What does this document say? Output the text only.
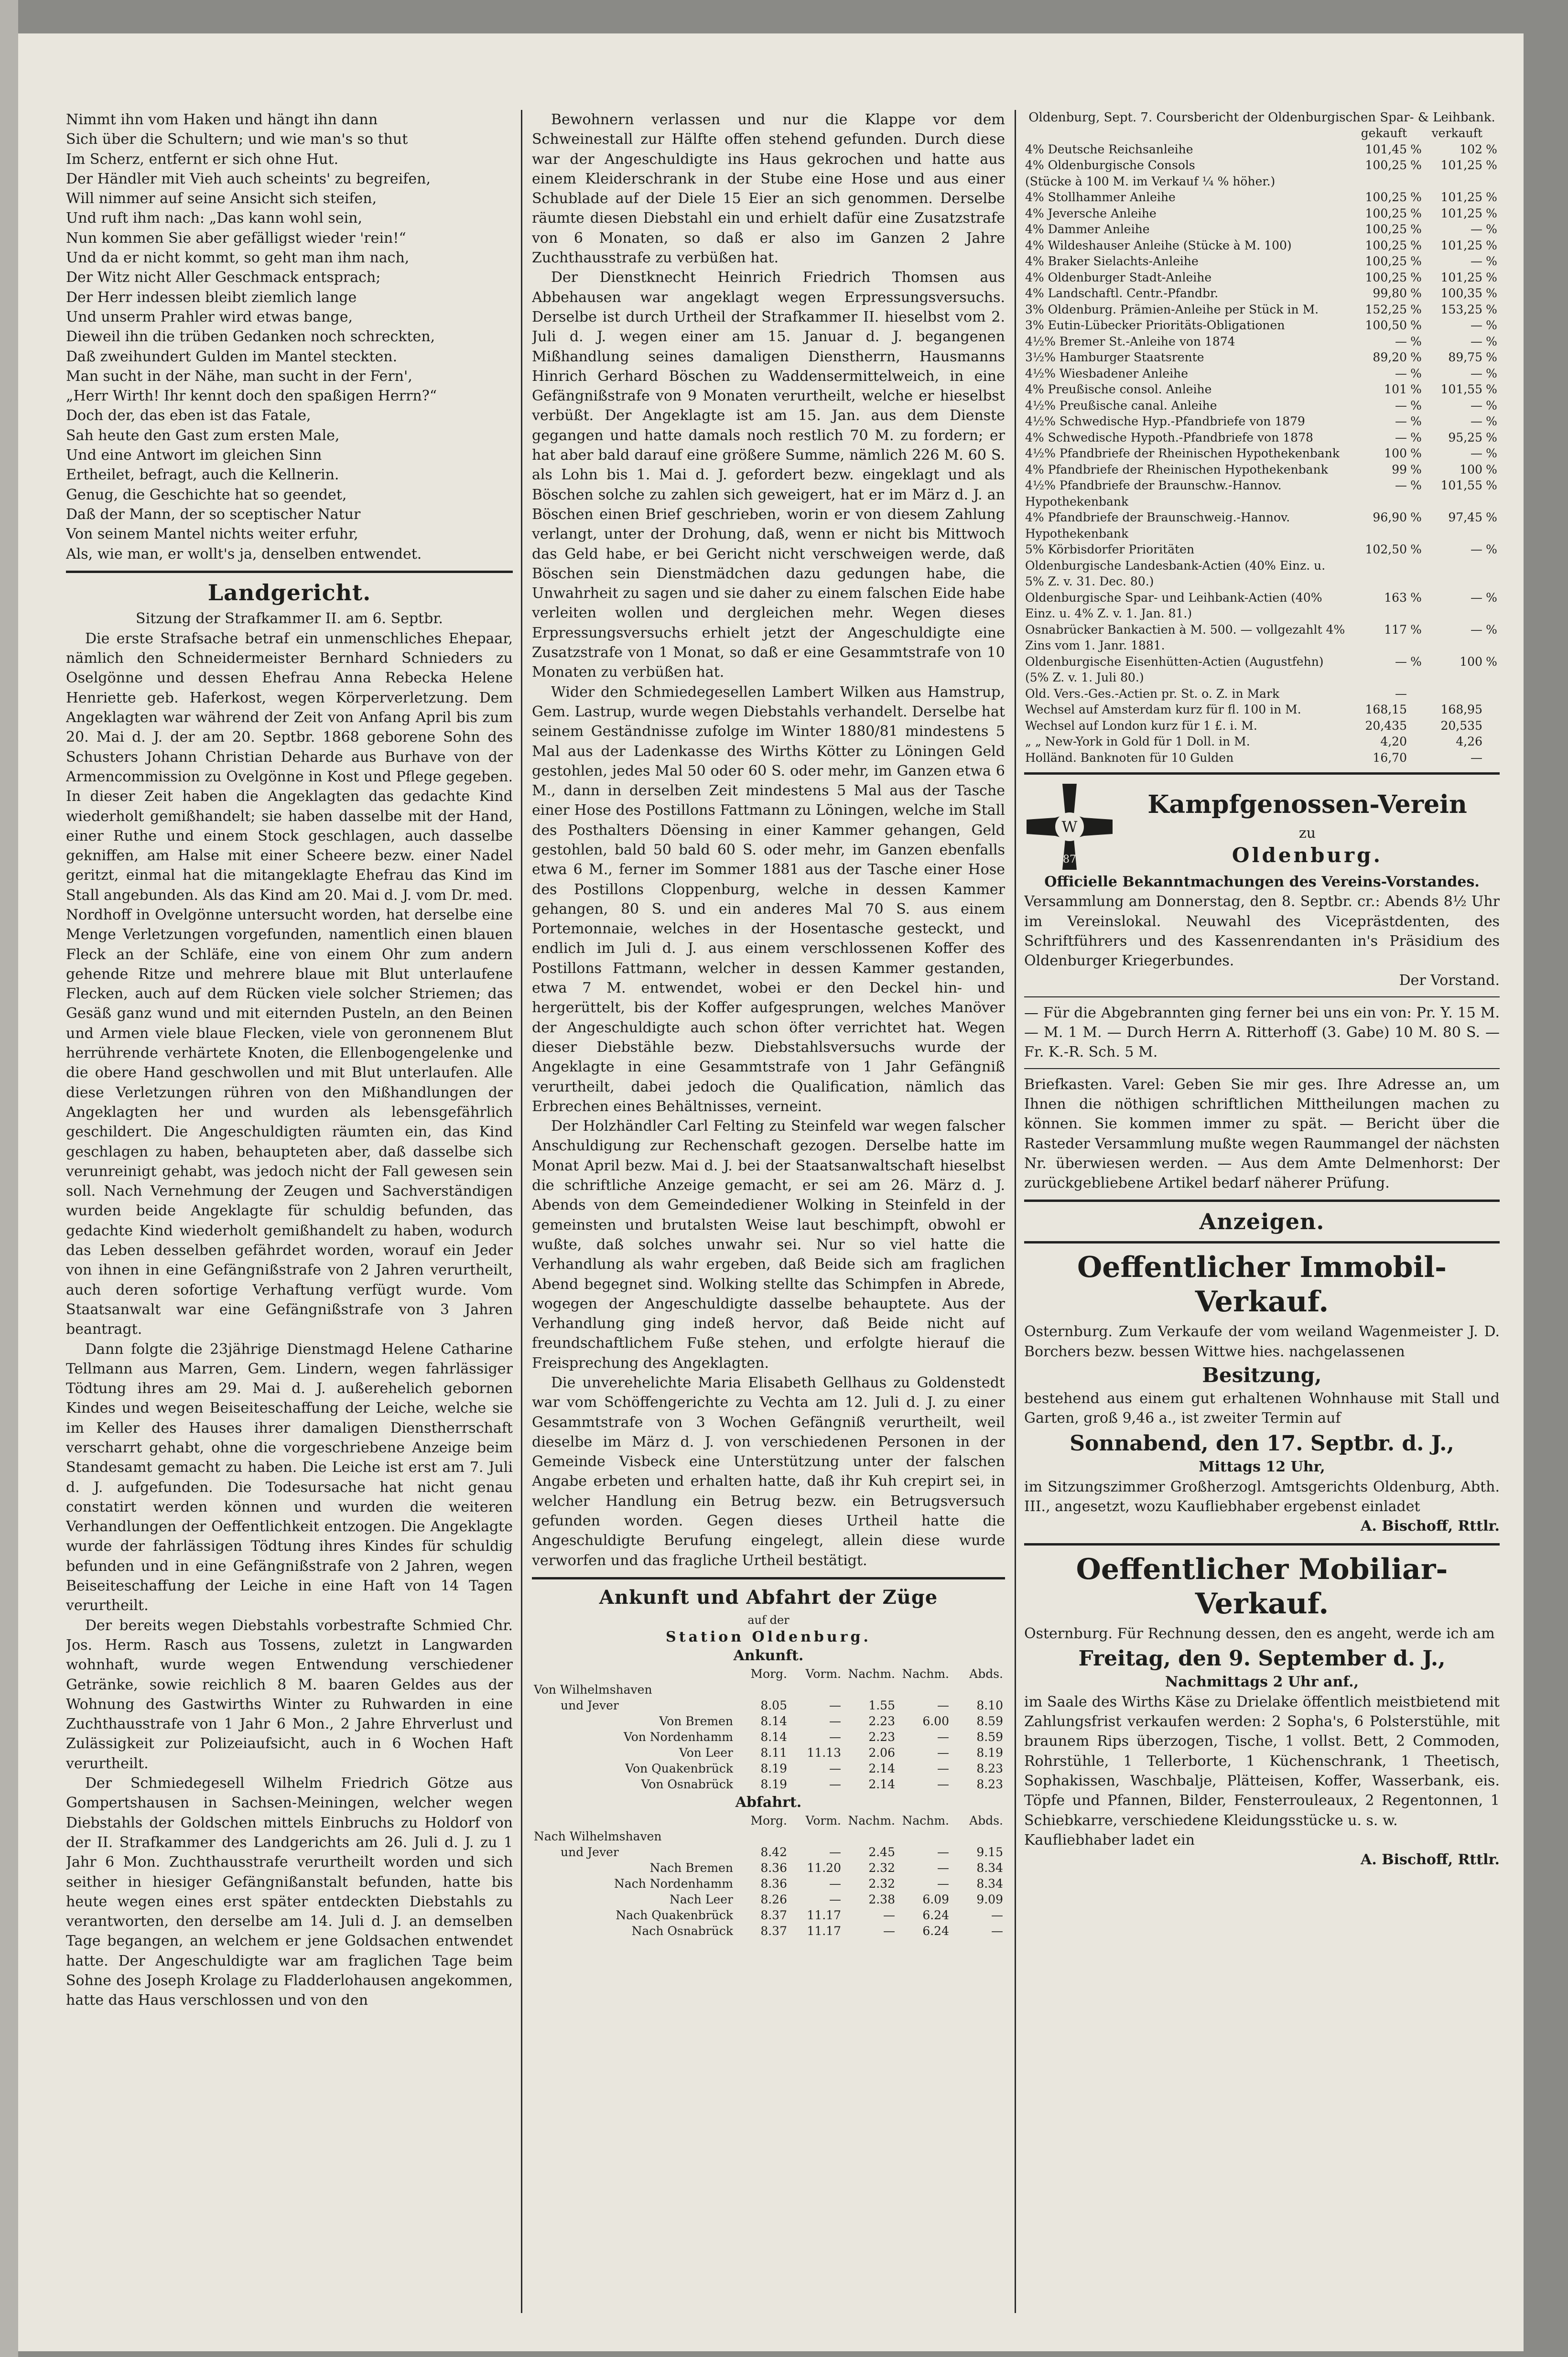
Nimmt ihn vom Haken und hängt ihn dann
Sich über die Schultern; und wie man's so thut
Im Scherz, entfernt er sich ohne Hut.
Der Händler mit Vieh auch scheints' zu begreifen,
Will nimmer auf seine Ansicht sich steifen,
Und ruft ihm nach: „Das kann wohl sein,
Nun kommen Sie aber gefälligst wieder 'rein!“
Und da er nicht kommt, so geht man ihm nach,
Der Witz nicht Aller Geschmack entsprach;
Der Herr indessen bleibt ziemlich lange
Und unserm Prahler wird etwas bange,
Dieweil ihn die trüben Gedanken noch schreckten,
Daß zweihundert Gulden im Mantel steckten.
Man sucht in der Nähe, man sucht in der Fern',
„Herr Wirth! Ihr kennt doch den spaßigen Herrn?“
Doch der, das eben ist das Fatale,
Sah heute den Gast zum ersten Male,
Und eine Antwort im gleichen Sinn
Ertheilet, befragt, auch die Kellnerin.
Genug, die Geschichte hat so geendet,
Daß der Mann, der so sceptischer Natur
Von seinem Mantel nichts weiter erfuhr,
Als, wie man, er wollt's ja, denselben entwendet.
Landgericht.
Sitzung der Strafkammer II. am 6. Septbr.

Die erste Strafsache betraf ein unmenschliches Ehepaar, nämlich den Schneidermeister Bernhard Schnieders zu Oselgönne und dessen Ehefrau Anna Rebecka Helene Henriette geb. Haferkost, wegen Körperverletzung. Dem Angeklagten war während der Zeit von Anfang April bis zum 20. Mai d. J. der am 20. Septbr. 1868 geborene Sohn des Schusters Johann Christian Deharde aus Burhave von der Armencommission zu Ovelgönne in Kost und Pflege gegeben. In dieser Zeit haben die Angeklagten das gedachte Kind wiederholt gemißhandelt; sie haben dasselbe mit der Hand, einer Ruthe und einem Stock geschlagen, auch dasselbe gekniffen, am Halse mit einer Scheere bezw. einer Nadel geritzt, einmal hat die mitangeklagte Ehefrau das Kind im Stall angebunden. Als das Kind am 20. Mai d. J. vom Dr. med. Nordhoff in Ovelgönne untersucht worden, hat derselbe eine Menge Verletzungen vorgefunden, namentlich einen blauen Fleck an der Schläfe, eine von einem Ohr zum andern gehende Ritze und mehrere blaue mit Blut unterlaufene Flecken, auch auf dem Rücken viele solcher Striemen; das Gesäß ganz wund und mit eiternden Pusteln, an den Beinen und Armen viele blaue Flecken, viele von geronnenem Blut herrührende verhärtete Knoten, die Ellenbogengelenke und die obere Hand geschwollen und mit Blut unterlaufen. Alle diese Verletzungen rühren von den Mißhandlungen der Angeklagten her und wurden als lebensgefährlich geschildert. Die Angeschuldigten räumten ein, das Kind geschlagen zu haben, behaupteten aber, daß dasselbe sich verunreinigt gehabt, was jedoch nicht der Fall gewesen sein soll. Nach Vernehmung der Zeugen und Sachverständigen wurden beide Angeklagte für schuldig befunden, das gedachte Kind wiederholt gemißhandelt zu haben, wodurch das Leben desselben gefährdet worden, worauf ein Jeder von ihnen in eine Gefängnißstrafe von 2 Jahren verurtheilt, auch deren sofortige Verhaftung verfügt wurde. Vom Staatsanwalt war eine Gefängnißstrafe von 3 Jahren beantragt.

Dann folgte die 23jährige Dienstmagd Helene Catharine Tellmann aus Marren, Gem. Lindern, wegen fahrlässiger Tödtung ihres am 29. Mai d. J. außerehelich gebornen Kindes und wegen Beiseiteschaffung der Leiche, welche sie im Keller des Hauses ihrer damaligen Dienstherrschaft verscharrt gehabt, ohne die vorgeschriebene Anzeige beim Standesamt gemacht zu haben. Die Leiche ist erst am 7. Juli d. J. aufgefunden. Die Todesursache hat nicht genau constatirt werden können und wurden die weiteren Verhandlungen der Oeffentlichkeit entzogen. Die Angeklagte wurde der fahrlässigen Tödtung ihres Kindes für schuldig befunden und in eine Gefängnißstrafe von 2 Jahren, wegen Beiseiteschaffung der Leiche in eine Haft von 14 Tagen verurtheilt.

Der bereits wegen Diebstahls vorbestrafte Schmied Chr. Jos. Herm. Rasch aus Tossens, zuletzt in Langwarden wohnhaft, wurde wegen Entwendung verschiedener Getränke, sowie reichlich 8 M. baaren Geldes aus der Wohnung des Gastwirths Winter zu Ruhwarden in eine Zuchthausstrafe von 1 Jahr 6 Mon., 2 Jahre Ehrverlust und Zulässigkeit zur Polizeiaufsicht, auch in 6 Wochen Haft verurtheilt.

Der Schmiedegesell Wilhelm Friedrich Götze aus Gompertshausen in Sachsen-Meiningen, welcher wegen Diebstahls der Goldschen mittels Einbruchs zu Holdorf von der II. Strafkammer des Landgerichts am 26. Juli d. J. zu 1 Jahr 6 Mon. Zuchthausstrafe verurtheilt worden und sich seither in hiesiger Gefängnißanstalt befunden, hatte bis heute wegen eines erst später entdeckten Diebstahls zu verantworten, den derselbe am 14. Juli d. J. an demselben Tage begangen, an welchem er jene Goldsachen entwendet hatte. Der Angeschuldigte war am fraglichen Tage beim Sohne des Joseph Krolage zu Fladderlohausen angekommen, hatte das Haus verschlossen und von den

Bewohnern verlassen und nur die Klappe vor dem Schweinestall zur Hälfte offen stehend gefunden. Durch diese war der Angeschuldigte ins Haus gekrochen und hatte aus einem Kleiderschrank in der Stube eine Hose und aus einer Schublade auf der Diele 15 Eier an sich genommen. Derselbe räumte diesen Diebstahl ein und erhielt dafür eine Zusatzstrafe von 6 Monaten, so daß er also im Ganzen 2 Jahre Zuchthausstrafe zu verbüßen hat.

Der Dienstknecht Heinrich Friedrich Thomsen aus Abbehausen war angeklagt wegen Erpressungsversuchs. Derselbe ist durch Urtheil der Strafkammer II. hieselbst vom 2. Juli d. J. wegen einer am 15. Januar d. J. begangenen Mißhandlung seines damaligen Dienstherrn, Hausmanns Hinrich Gerhard Böschen zu Waddensermittelweich, in eine Gefängnißstrafe von 9 Monaten verurtheilt, welche er hieselbst verbüßt. Der Angeklagte ist am 15. Jan. aus dem Dienste gegangen und hatte damals noch restlich 70 M. zu fordern; er hat aber bald darauf eine größere Summe, nämlich 226 M. 60 S. als Lohn bis 1. Mai d. J. gefordert bezw. eingeklagt und als Böschen solche zu zahlen sich geweigert, hat er im März d. J. an Böschen einen Brief geschrieben, worin er von diesem Zahlung verlangt, unter der Drohung, daß, wenn er nicht bis Mittwoch das Geld habe, er bei Gericht nicht verschweigen werde, daß Böschen sein Dienstmädchen dazu gedungen habe, die Unwahrheit zu sagen und sie daher zu einem falschen Eide habe verleiten wollen und dergleichen mehr. Wegen dieses Erpressungsversuchs erhielt jetzt der Angeschuldigte eine Zusatzstrafe von 1 Monat, so daß er eine Gesammtstrafe von 10 Monaten zu verbüßen hat.

Wider den Schmiedegesellen Lambert Wilken aus Hamstrup, Gem. Lastrup, wurde wegen Diebstahls verhandelt. Derselbe hat seinem Geständnisse zufolge im Winter 1880/81 mindestens 5 Mal aus der Ladenkasse des Wirths Kötter zu Löningen Geld gestohlen, jedes Mal 50 oder 60 S. oder mehr, im Ganzen etwa 6 M., dann in derselben Zeit mindestens 5 Mal aus der Tasche einer Hose des Postillons Fattmann zu Löningen, welche im Stall des Posthalters Döensing in einer Kammer gehangen, Geld gestohlen, bald 50 bald 60 S. oder mehr, im Ganzen ebenfalls etwa 6 M., ferner im Sommer 1881 aus der Tasche einer Hose des Postillons Cloppenburg, welche in dessen Kammer gehangen, 80 S. und ein anderes Mal 70 S. aus einem Portemonnaie, welches in der Hosentasche gesteckt, und endlich im Juli d. J. aus einem verschlossenen Koffer des Postillons Fattmann, welcher in dessen Kammer gestanden, etwa 7 M. entwendet, wobei er den Deckel hin- und hergerüttelt, bis der Koffer aufgesprungen, welches Manöver der Angeschuldigte auch schon öfter verrichtet hat. Wegen dieser Diebstähle bezw. Diebstahlsversuchs wurde der Angeklagte in eine Gesammtstrafe von 1 Jahr Gefängniß verurtheilt, dabei jedoch die Qualification, nämlich das Erbrechen eines Behältnisses, verneint.

Der Holzhändler Carl Felting zu Steinfeld war wegen falscher Anschuldigung zur Rechenschaft gezogen. Derselbe hatte im Monat April bezw. Mai d. J. bei der Staatsanwaltschaft hieselbst die schriftliche Anzeige gemacht, er sei am 26. März d. J. Abends von dem Gemeindediener Wolking in Steinfeld in der gemeinsten und brutalsten Weise laut beschimpft, obwohl er wußte, daß solches unwahr sei. Nur so viel hatte die Verhandlung als wahr ergeben, daß Beide sich am fraglichen Abend begegnet sind. Wolking stellte das Schimpfen in Abrede, wogegen der Angeschuldigte dasselbe behauptete. Aus der Verhandlung ging indeß hervor, daß Beide nicht auf freundschaftlichem Fuße stehen, und erfolgte hierauf die Freisprechung des Angeklagten.

Die unverehelichte Maria Elisabeth Gellhaus zu Goldenstedt war vom Schöffengerichte zu Vechta am 12. Juli d. J. zu einer Gesammtstrafe von 3 Wochen Gefängniß verurtheilt, weil dieselbe im März d. J. von verschiedenen Personen in der Gemeinde Visbeck eine Unterstützung unter der falschen Angabe erbeten und erhalten hatte, daß ihr Kuh crepirt sei, in welcher Handlung ein Betrug bezw. ein Betrugsversuch gefunden worden. Gegen dieses Urtheil hatte die Angeschuldigte Berufung eingelegt, allein diese wurde verworfen und das fragliche Urtheil bestätigt.

Ankunft und Abfahrt der Züge
auf der
Station Oldenburg.
Ankunft.
	Morg.	Vorm.	Nachm.	Nachm.	Abds.
Von Wilhelmshaven					
und Jever	8.05	—	1.55	—	8.10
Von Bremen	8.14	—	2.23	6.00	8.59
Von Nordenhamm	8.14	—	2.23	—	8.59
Von Leer	8.11	11.13	2.06	—	8.19
Von Quakenbrück	8.19	—	2.14	—	8.23
Von Osnabrück	8.19	—	2.14	—	8.23
Abfahrt.
	Morg.	Vorm.	Nachm.	Nachm.	Abds.
Nach Wilhelmshaven					
und Jever	8.42	—	2.45	—	9.15
Nach Bremen	8.36	11.20	2.32	—	8.34
Nach Nordenhamm	8.36	—	2.32	—	8.34
Nach Leer	8.26	—	2.38	6.09	9.09
Nach Quakenbrück	8.37	11.17	—	6.24	—
Nach Osnabrück	8.37	11.17	—	6.24	—
Oldenburg, Sept. 7. Coursbericht der Oldenburgischen Spar- & Leihbank.
	gekauft		verkauft	
4% Deutsche Reichsanleihe	101,45	%	102	%
4% Oldenburgische Consols	100,25	%	101,25	%
(Stücke à 100 M. im Verkauf ¼ % höher.)				
4% Stollhammer Anleihe	100,25	%	101,25	%
4% Jeversche Anleihe	100,25	%	101,25	%
4% Dammer Anleihe	100,25	%	—	%
4% Wildeshauser Anleihe (Stücke à M. 100)	100,25	%	101,25	%
4% Braker Sielachts-Anleihe	100,25	%	—	%
4% Oldenburger Stadt-Anleihe	100,25	%	101,25	%
4% Landschaftl. Centr.-Pfandbr.	99,80	%	100,35	%
3% Oldenburg. Prämien-Anleihe per Stück in M.	152,25	%	153,25	%
3% Eutin-Lübecker Prioritäts-Obligationen	100,50	%	—	%
4½% Bremer St.-Anleihe von 1874	—	%	—	%
3½% Hamburger Staatsrente	89,20	%	89,75	%
4½% Wiesbadener Anleihe	—	%	—	%
4% Preußische consol. Anleihe	101	%	101,55	%
4½% Preußische canal. Anleihe	—	%	—	%
4½% Schwedische Hyp.-Pfandbriefe von 1879	—	%	—	%
4% Schwedische Hypoth.-Pfandbriefe von 1878	—	%	95,25	%
4½% Pfandbriefe der Rheinischen Hypothekenbank	100	%	—	%
4% Pfandbriefe der Rheinischen Hypothekenbank	99	%	100	%
4½% Pfandbriefe der Braunschw.-Hannov. Hypothekenbank	—	%	101,55	%
4% Pfandbriefe der Braunschweig.-Hannov. Hypothekenbank	96,90	%	97,45	%
5% Körbisdorfer Prioritäten	102,50	%	—	%
Oldenburgische Landesbank-Actien (40% Einz. u. 5% Z. v. 31. Dec. 80.)				
Oldenburgische Spar- und Leihbank-Actien (40% Einz. u. 4% Z. v. 1. Jan. 81.)	163	%	—	%
Osnabrücker Bankactien à M. 500. — vollgezahlt 4% Zins vom 1. Janr. 1881.	117	%	—	%
Oldenburgische Eisenhütten-Actien (Augustfehn) (5% Z. v. 1. Juli 80.)	—	%	100	%
Old. Vers.-Ges.-Actien pr. St. o. Z. in Mark	—			
Wechsel auf Amsterdam kurz für fl. 100 in M.	168,15		168,95	
Wechsel auf London kurz für 1 £. i. M.	20,435		20,535	
„ „ New-York in Gold für 1 Doll. in M.	4,20		4,26	
Holländ. Banknoten für 10 Gulden	16,70		—	
W
1870
Kampfgenossen-Verein
zu
Oldenburg.
Officielle Bekanntmachungen des Vereins-Vorstandes.

Versammlung am Donnerstag, den 8. Septbr. cr.: Abends 8½ Uhr im Vereinslokal. Neuwahl des Viceprästdenten, des Schriftführers und des Kassenrendanten in's Präsidium des Oldenburger Kriegerbundes.

Der Vorstand.

— Für die Abgebrannten ging ferner bei uns ein von: Pr. Y. 15 M. — M. 1 M. — Durch Herrn A. Ritterhoff (3. Gabe) 10 M. 80 S. — Fr. K.-R. Sch. 5 M.

Briefkasten. Varel: Geben Sie mir ges. Ihre Adresse an, um Ihnen die nöthigen schriftlichen Mittheilungen machen zu können. Sie kommen immer zu spät. — Bericht über die Rasteder Versammlung mußte wegen Raummangel der nächsten Nr. überwiesen werden. — Aus dem Amte Delmenhorst: Der zurückgebliebene Artikel bedarf näherer Prüfung.

Anzeigen.
Oeffentlicher Immobil-Verkauf.

Osternburg. Zum Verkaufe der vom weiland Wagenmeister J. D. Borchers bezw. bessen Wittwe hies. nachgelassenen

Besitzung,

bestehend aus einem gut erhaltenen Wohnhause mit Stall und Garten, groß 9,46 a., ist zweiter Termin auf

Sonnabend, den 17. Septbr. d. J.,
Mittags 12 Uhr,

im Sitzungszimmer Großherzogl. Amtsgerichts Oldenburg, Abth. III., angesetzt, wozu Kaufliebhaber ergebenst einladet

A. Bischoff, Rttlr.
Oeffentlicher Mobiliar-Verkauf.

Osternburg. Für Rechnung dessen, den es angeht, werde ich am

Freitag, den 9. September d. J.,
Nachmittags 2 Uhr anf.,

im Saale des Wirths Käse zu Drielake öffentlich meistbietend mit Zahlungsfrist verkaufen werden: 2 Sopha's, 6 Polsterstühle, mit braunem Rips überzogen, Tische, 1 vollst. Bett, 2 Commoden, Rohrstühle, 1 Tellerborte, 1 Küchenschrank, 1 Theetisch, Sophakissen, Waschbalje, Plätteisen, Koffer, Wasserbank, eis. Töpfe und Pfannen, Bilder, Fensterrouleaux, 2 Regentonnen, 1 Schiebkarre, verschiedene Kleidungsstücke u. s. w.

Kaufliebhaber ladet ein
A. Bischoff, Rttlr.
